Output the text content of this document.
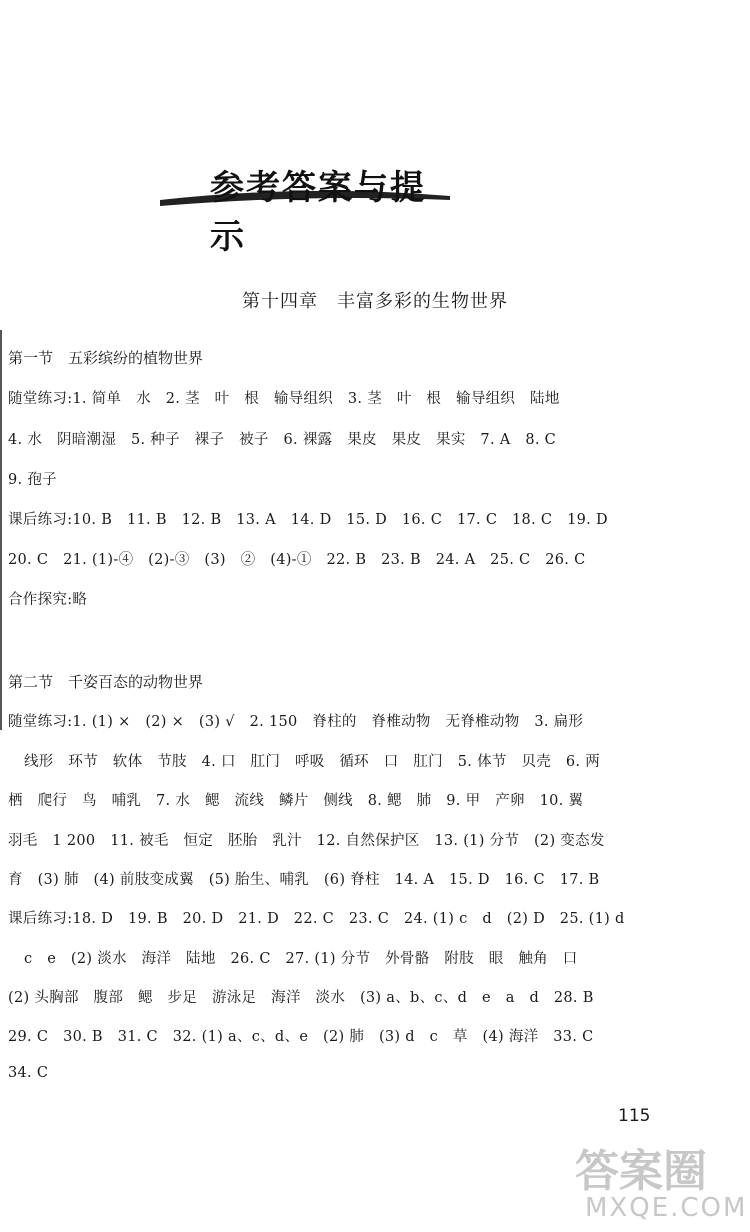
参考答案与提示
第十四章　丰富多彩的生物世界
第一节　五彩缤纷的植物世界
随堂练习:1. 简单　水　2. 茎　叶　根　输导组织　3. 茎　叶　根　输导组织　陆地
4. 水　阴暗潮湿　5. 种子　裸子　被子　6. 裸露　果皮　果皮　果实　7. A　8. C
9. 孢子
课后练习:10. B　11. B　12. B　13. A　14. D　15. D　16. C　17. C　18. C　19. D
20. C　21. (1)-④　(2)-③　(3)　②　(4)-①　22. B　23. B　24. A　25. C　26. C
合作探究:略
第二节　千姿百态的动物世界
随堂练习:1. (1) ×　(2) ×　(3) √　2. 150　脊柱的　脊椎动物　无脊椎动物　3. 扁形
线形　环节　软体　节肢　4. 口　肛门　呼吸　循环　口　肛门　5. 体节　贝壳　6. 两
栖　爬行　鸟　哺乳　7. 水　鳃　流线　鳞片　侧线　8. 鳃　肺　9. 甲　产卵　10. 翼
羽毛　1 200　11. 被毛　恒定　胚胎　乳汁　12. 自然保护区　13. (1) 分节　(2) 变态发
育　(3) 肺　(4) 前肢变成翼　(5) 胎生、哺乳　(6) 脊柱　14. A　15. D　16. C　17. B
课后练习:18. D　19. B　20. D　21. D　22. C　23. C　24. (1) c　d　(2) D　25. (1) d
c　e　(2) 淡水　海洋　陆地　26. C　27. (1) 分节　外骨骼　附肢　眼　触角　口
(2) 头胸部　腹部　鳃　步足　游泳足　海洋　淡水　(3) a、b、c、d　e　a　d　28. B
29. C　30. B　31. C　32. (1) a、c、d、e　(2) 肺　(3) d　c　草　(4) 海洋　33. C
34. C
115
答案圈
MXQE.COM
